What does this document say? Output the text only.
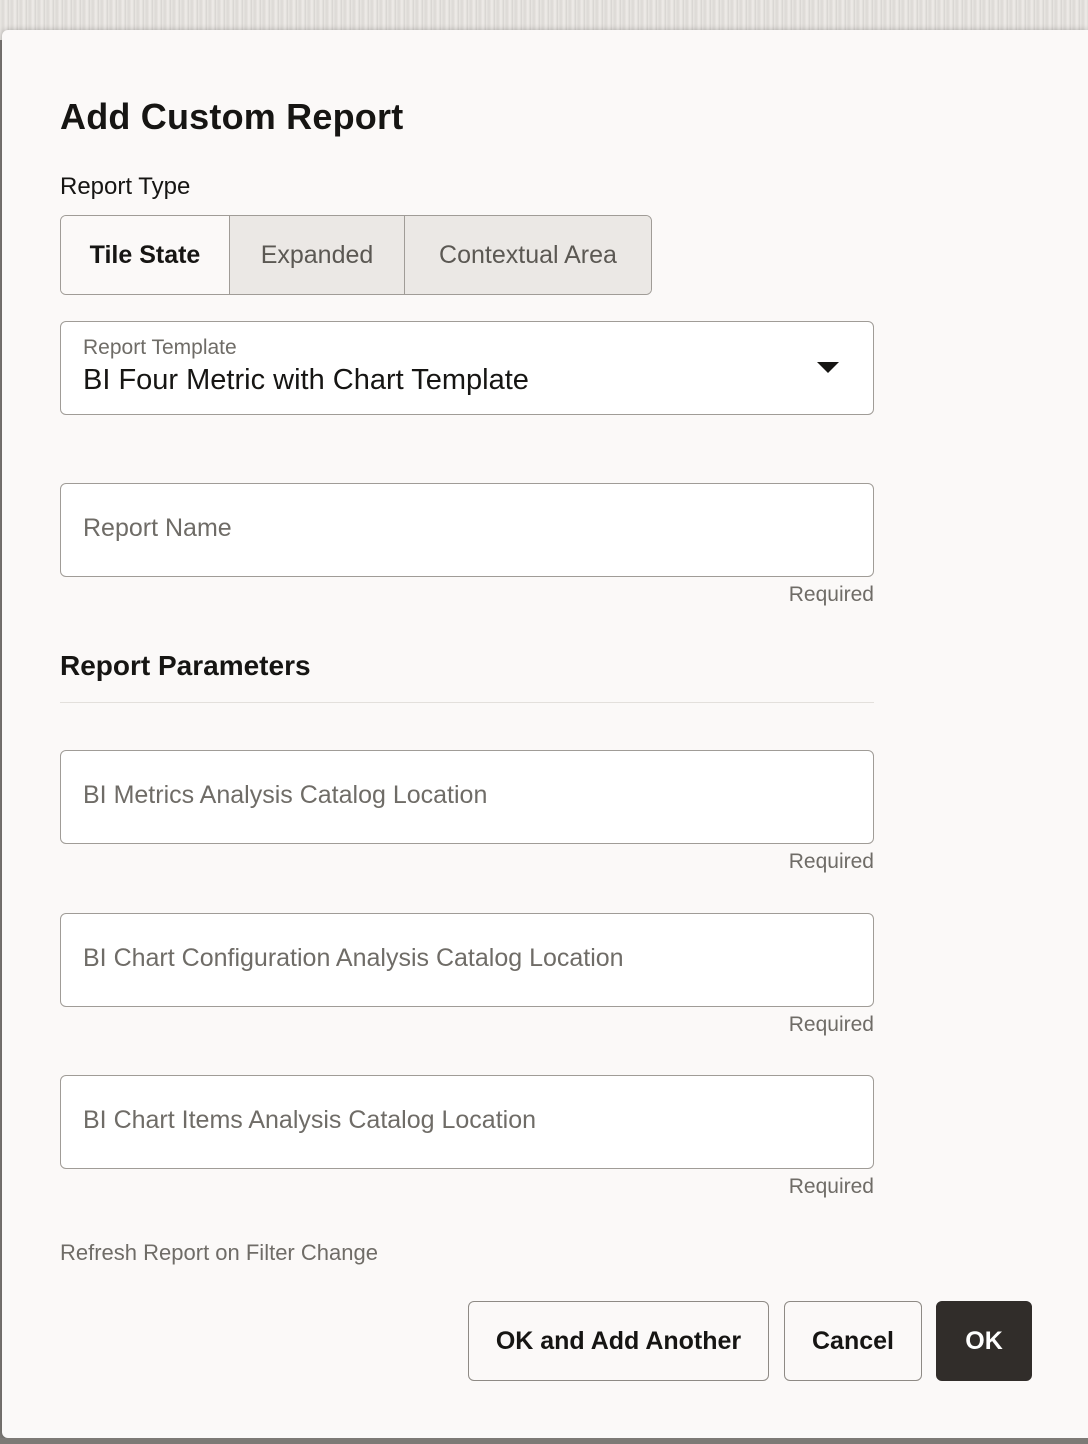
Add Custom Report
Report Type
Tile State	Expanded	Contextual Area
Report Template
BI Four Metric with Chart Template
Report Name
Required
Report Parameters
BI Metrics Analysis Catalog Location
Required
BI Chart Configuration Analysis Catalog Location
Required
BI Chart Items Analysis Catalog Location
Required
Refresh Report on Filter Change
OK and Add Another	Cancel	OK
